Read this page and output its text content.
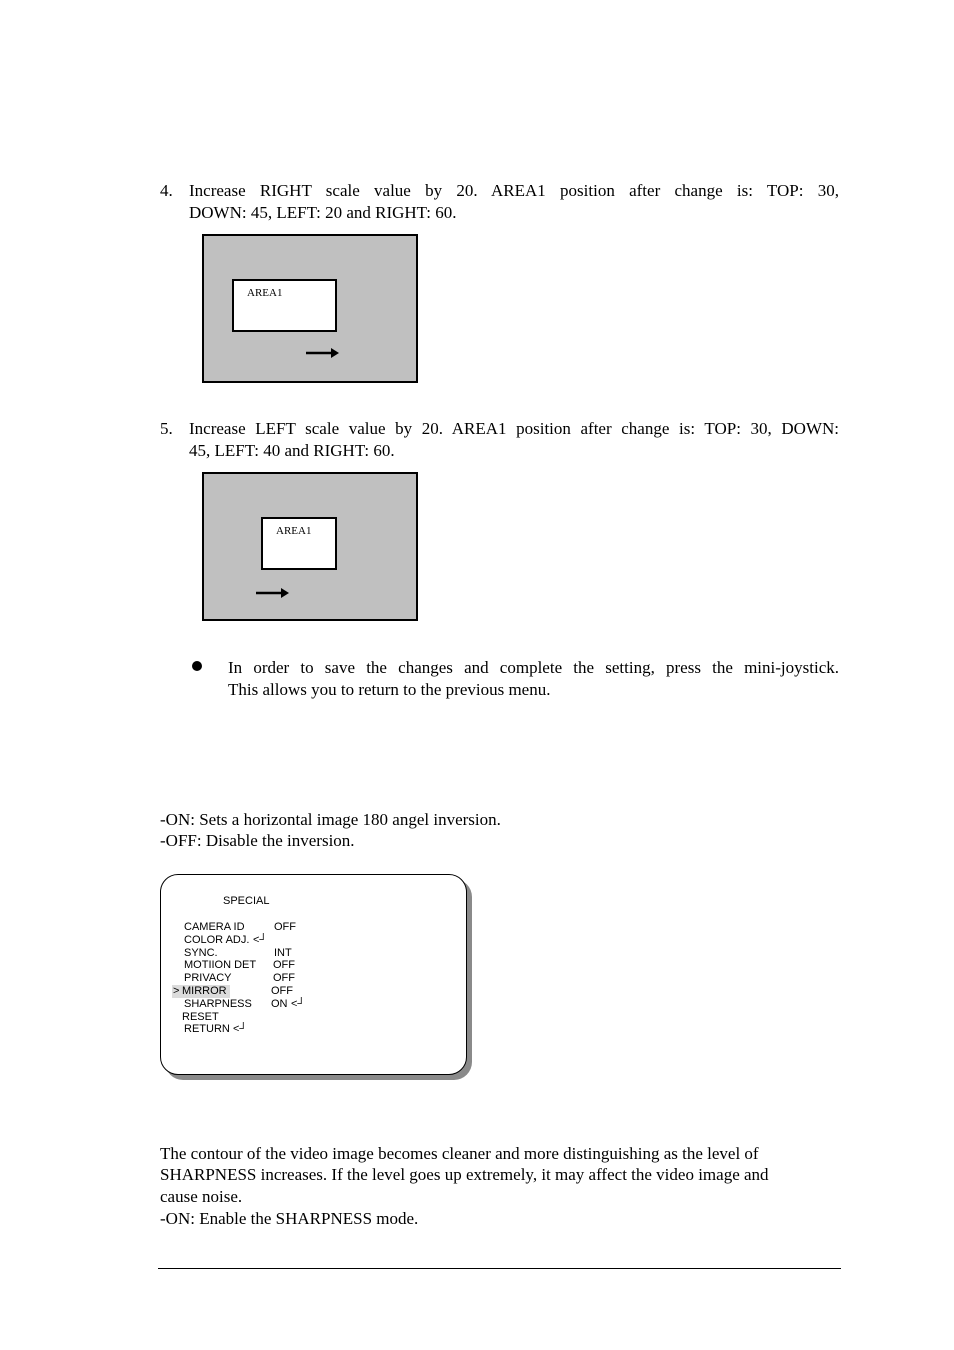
4. Increase RIGHT scale value by 20. AREA1 position after change is: TOP: 30,
DOWN: 45, LEFT: 20 and RIGHT: 60.
AREA1
5. Increase LEFT scale value by 20. AREA1 position after change is: TOP: 30, DOWN:
45, LEFT: 40 and RIGHT: 60.
AREA1
In order to save the changes and complete the setting, press the mini-joystick.
This allows you to return to the previous menu.
-ON: Sets a horizontal image 180 angel inversion.
-OFF: Disable the inversion.
SPECIAL
CAMERA ID	OFF
COLOR ADJ. <┘
SYNC.	INT
MOTIION DET OFF
PRIVACY	OFF
> MIRROR	OFF
SHARPNESS ON <┘
RESET
RETURN <┘
The contour of the video image becomes cleaner and more distinguishing as the level of
SHARPNESS increases. If the level goes up extremely, it may affect the video image and
cause noise.
-ON: Enable the SHARPNESS mode.
